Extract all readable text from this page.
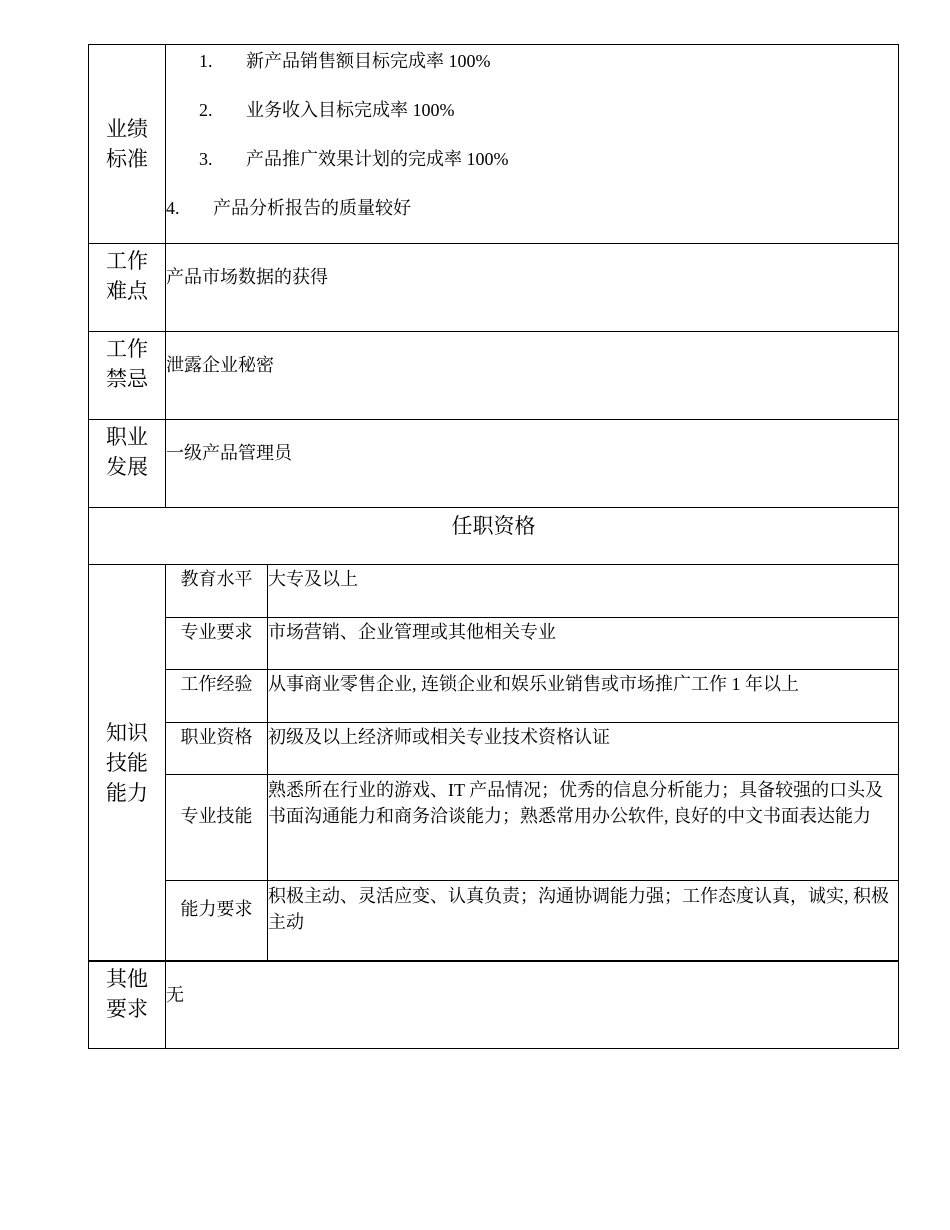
业绩标准
1. 新产品销售额目标完成率 100%
2. 业务收入目标完成率 100%
3. 产品推广效果计划的完成率 100%
4. 产品分析报告的质量较好
工作难点
产品市场数据的获得
工作禁忌
泄露企业秘密
职业发展
一级产品管理员
任职资格
知识技能能力
教育水平 大专及以上
专业要求 市场营销、企业管理或其他相关专业
工作经验 从事商业零售企业, 连锁企业和娱乐业销售或市场推广工作 1 年以上
职业资格 初级及以上经济师或相关专业技术资格认证
专业技能
熟悉所在行业的游戏、IT 产品情况；优秀的信息分析能力；具备较强的口头及书面沟通能力和商务洽谈能力；熟悉常用办公软件, 良好的中文书面表达能力
能力要求
积极主动、灵活应变、认真负责；沟通协调能力强；工作态度认真，诚实, 积极主动
其他要求
无
